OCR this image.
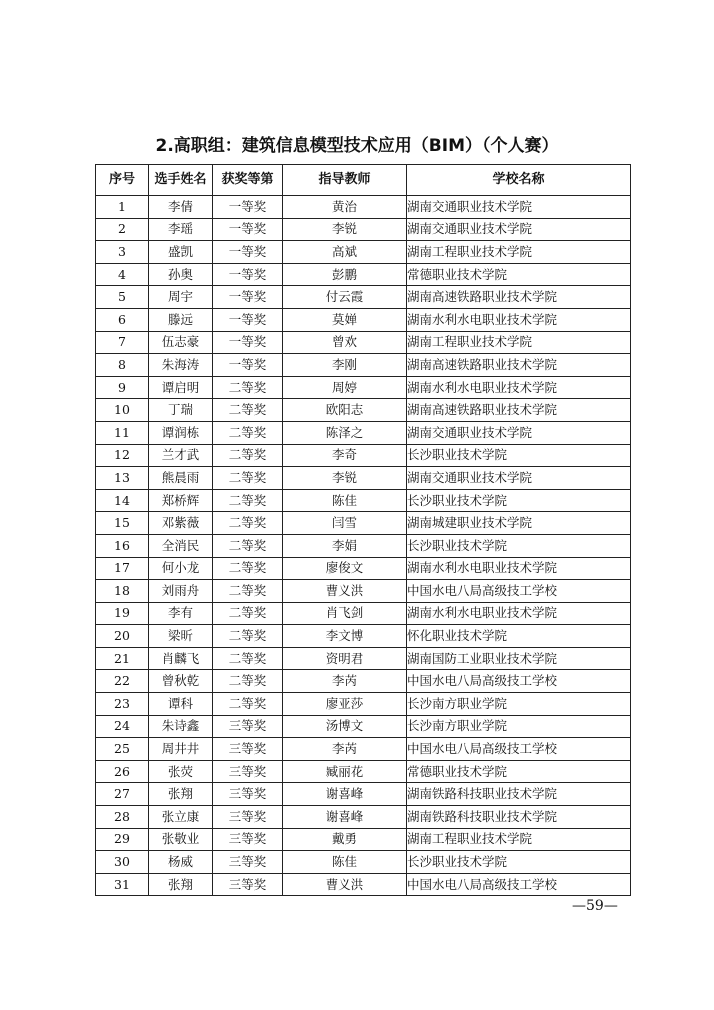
2.高职组：建筑信息模型技术应用（BIM）（个人赛）
序号	选手姓名	获奖等第	指导教师	学校名称
1	李倩	一等奖	黄治	湖南交通职业技术学院
2	李瑶	一等奖	李锐	湖南交通职业技术学院
3	盛凯	一等奖	高斌	湖南工程职业技术学院
4	孙奥	一等奖	彭鹏	常德职业技术学院
5	周宇	一等奖	付云霞	湖南高速铁路职业技术学院
6	滕远	一等奖	莫婵	湖南水利水电职业技术学院
7	伍志豪	一等奖	曾欢	湖南工程职业技术学院
8	朱海涛	一等奖	李刚	湖南高速铁路职业技术学院
9	谭启明	二等奖	周婷	湖南水利水电职业技术学院
10	丁瑞	二等奖	欧阳志	湖南高速铁路职业技术学院
11	谭润栋	二等奖	陈泽之	湖南交通职业技术学院
12	兰才武	二等奖	李奇	长沙职业技术学院
13	熊晨雨	二等奖	李锐	湖南交通职业技术学院
14	郑桥辉	二等奖	陈佳	长沙职业技术学院
15	邓紫薇	二等奖	闫雪	湖南城建职业技术学院
16	全消民	二等奖	李娟	长沙职业技术学院
17	何小龙	二等奖	廖俊文	湖南水利水电职业技术学院
18	刘雨舟	二等奖	曹义洪	中国水电八局高级技工学校
19	李有	二等奖	肖飞剑	湖南水利水电职业技术学院
20	梁昕	二等奖	李文博	怀化职业技术学院
21	肖麟飞	二等奖	资明君	湖南国防工业职业技术学院
22	曾秋乾	二等奖	李芮	中国水电八局高级技工学校
23	谭科	二等奖	廖亚莎	长沙南方职业学院
24	朱诗鑫	三等奖	汤博文	长沙南方职业学院
25	周井井	三等奖	李芮	中国水电八局高级技工学校
26	张荧	三等奖	臧丽花	常德职业技术学院
27	张翔	三等奖	谢喜峰	湖南铁路科技职业技术学院
28	张立康	三等奖	谢喜峰	湖南铁路科技职业技术学院
29	张敬业	三等奖	戴勇	湖南工程职业技术学院
30	杨威	三等奖	陈佳	长沙职业技术学院
31	张翔	三等奖	曹义洪	中国水电八局高级技工学校
—59—
